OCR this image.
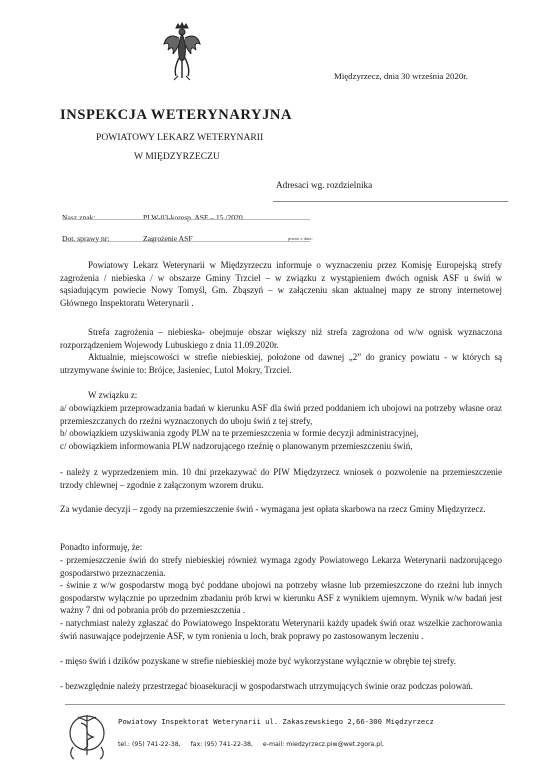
Międzyrzecz, dnia 30 września 2020r.
INSPEKCJA WETERYNARYJNA
POWIATOWY LEKARZ WETERYNARII
W MIĘDZYRZECZU
Adresaci wg. rozdzielnika
Nasz znak:	PLW-03-koresp. ASF – 15 /2020
Dot. sprawy nr:	Zagrożenie ASF	pismo z dnia:

Powiatowy Lekarz Weterynarii w Międzyrzeczu informuje o wyznaczeniu przez Komisję Europejską strefy zagrożenia / niebieska / w obszarze Gminy Trzciel – w związku z wystąpieniem dwóch ognisk ASF u świń w sąsiadującym powiecie Nowy Tomyśl, Gm. Zbąszyń – w załączeniu skan aktualnej mapy ze strony internetowej Głównego Inspektoratu Weterynarii .

Strefa zagrożenia – niebieska- obejmuje obszar większy niż strefa zagrożona od w/w ognisk wyznaczona rozporządzeniem Wojewody Lubuskiego z dnia 11.09.2020r.

Aktualnie, miejscowości w strefie niebieskiej, położone od dawnej „2” do granicy powiatu - w których są utrzymywane świnie to: Brójce, Jasieniec, Lutol Mokry, Trzciel.

W związku z:

a/ obowiązkiem przeprowadzania badań w kierunku ASF dla świń przed poddaniem ich ubojowi na potrzeby własne oraz przemieszczanych do rzeźni wyznaczonych do uboju świń z tej strefy,

b/ obowiązkiem uzyskiwania zgody PLW na te przemieszczenia w formie decyzji administracyjnej,

c/ obowiązkiem informowania PLW nadzorującego rzeźnię o planowanym przemieszczeniu świń,

- należy z wyprzedzeniem min. 10 dni przekazywać do PIW Międzyrzecz wniosek o pozwolenie na przemieszczenie trzody chlewnej – zgodnie z załączonym wzorem druku.

Za wydanie decyzji – zgody na przemieszczenie świń - wymagana jest opłata skarbowa na rzecz Gminy Międzyrzecz.

Ponadto informuję, że:

- przemieszczenie świń do strefy niebieskiej również wymaga zgody Powiatowego Lekarza Weterynarii nadzorującego gospodarstwo przeznaczenia.

- świnie z w/w gospodarstw mogą być poddane ubojowi na potrzeby własne lub przemieszczone do rzeźni lub innych gospodarstw wyłącznie po uprzednim zbadaniu prób krwi w kierunku ASF z wynikiem ujemnym. Wynik w/w badań jest ważny 7 dni od pobrania prób do przemieszczenia .

- natychmiast należy zgłaszać do Powiatowego Inspektoratu Weterynarii każdy upadek świń oraz wszelkie zachorowania świń nasuwające podejrzenie ASF, w tym ronienia u loch, brak poprawy po zastosowanym leczeniu .

- mięso świń i dzików pozyskane w strefie niebieskiej może być wykorzystane wyłącznie w obrębie tej strefy.

- bezwzględnie należy przestrzegać bioasekuracji w gospodarstwach utrzymujących świnie oraz podczas polowań.

Powiatowy Inspektorat Weterynarii ul. Zakaszewskiego 2,66-300 Międzyrzecz
tel.: (95) 741-22-38, fax: (95) 741-22-38, e-mail: miedzyrzecz.piw@wet.zgora.pl,
